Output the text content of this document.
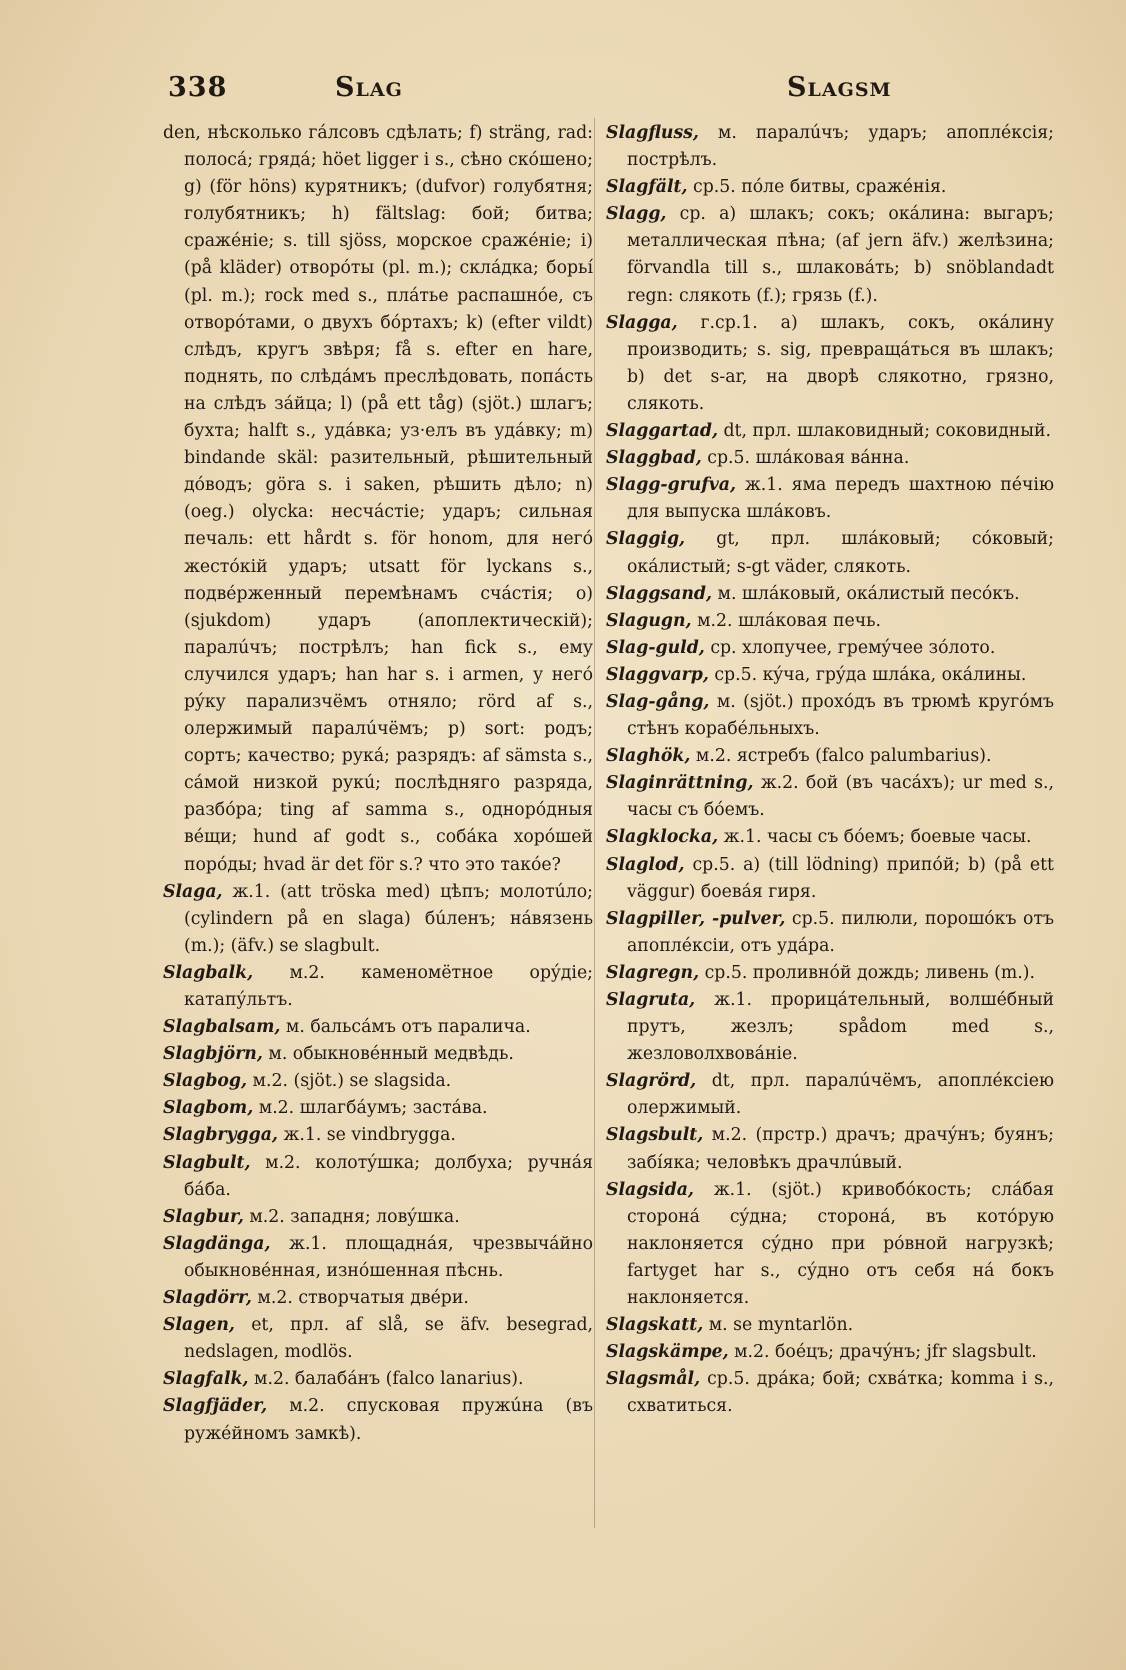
338	Slag	Slagsm

den, нѣсколько гáлсовъ сдѣлать; f) sträng, rad: полосá; грядá; höet ligger i s., сѣно скóшено; g) (för höns) курятникъ; (dufvor) голубятня; голубятникъ; h) fältslag: бой; битва; сражéніе; s. till sjöss, морское сражéніе; i) (på kläder) отворóты (pl. m.); склáдка; борьí (pl. m.); rock med s., плáтье распашнóе, съ отворóтами, о двухъ бóртахъ; k) (efter vildt) слѣдъ, кругъ звѣря; få s. efter en hare, поднять, по слѣдáмъ преслѣдовать, попáсть на слѣдъ зáйца; l) (på ett tåg) (sjöt.) шлагъ; бухта; halft s., удáвка; уз·елъ въ удáвку; m) bindande skäl: разительный, рѣшительный дóводъ; göra s. i saken, рѣшить дѣло; n) (oeg.) olycka: несчáстіе; ударъ; сильная печаль: ett hårdt s. för honom, для негó жестóкій ударъ; utsatt för lyckans s., подвéрженный перемѣнамъ счáстія; o) (sjukdom) ударъ (апоплектическій); паралúчъ; пострѣлъ; han fick s., ему случился ударъ; han har s. i armen, у негó рýку парализчёмъ отняло; rörd af s., олержимый паралúчёмъ; p) sort: родъ; сортъ; качество; рукá; разрядъ: af sämsta s., сáмой низкой рукú; послѣдняго разряда, разбóра; ting af samma s., однорóдныя вéщи; hund af godt s., собáка хорóшей порóды; hvad är det för s.? что это такóе?

Slaga, ж.1. (att tröska med) цѣпъ; молотúло; (cylindern på en slaga) бúленъ; нáвязень (m.); (äfv.) se slagbult.

Slagbalk, м.2. каменомётное орýдіе; катапýльтъ.

Slagbalsam, м. бальсáмъ отъ паралича.

Slagbjörn, м. обыкновéнный медвѣдь.

Slagbog, м.2. (sjöt.) se slagsida.

Slagbom, м.2. шлагбáумъ; застáва.

Slagbrygga, ж.1. se vindbrygga.

Slagbult, м.2. колотýшка; долбуха; ручнáя бáба.

Slagbur, м.2. западня; ловýшка.

Slagdänga, ж.1. площаднáя, чрезвычáйно обыкновéнная, изнóшенная пѣснь.

Slagdörr, м.2. створчатыя двéри.

Slagen, et, прл. af slå, se äfv. besegrad, nedslagen, modlös.

Slagfalk, м.2. балабáнъ (falco lanarius).

Slagfjäder, м.2. спусковая пружúна (въ ружéйномъ замкѣ).

Slagfluss, м. паралúчъ; ударъ; апоплéксія; пострѣлъ.

Slagfält, ср.5. пóле битвы, сражéнія.

Slagg, ср. a) шлакъ; сокъ; окáлина: выгаръ; металлическая пѣна; (af jern äfv.) желѣзина; förvandla till s., шлаковáть; b) snöblandadt regn: слякоть (f.); грязь (f.).

Slagga, г.ср.1. a) шлакъ, сокъ, окáлину производить; s. sig, превращáться въ шлакъ; b) det s-ar, на дворѣ слякотно, грязно, слякоть.

Slaggartad, dt, прл. шлаковидный; соковидный.

Slaggbad, ср.5. шлáковая вáнна.

Slagg-grufva, ж.1. яма передъ шахтною пéчію для выпуска шлáковъ.

Slaggig, gt, прл. шлáковый; сóковый; окáлистый; s-gt väder, слякоть.

Slaggsand, м. шлáковый, окáлистый песóкъ.

Slagugn, м.2. шлáковая печь.

Slag-guld, ср. хлопучее, гремýчее зóлото.

Slaggvarp, ср.5. кýча, грýда шлáка, окáлины.

Slag-gång, м. (sjöt.) прохóдъ въ трюмѣ кругóмъ стѣнъ корабéльныхъ.

Slaghök, м.2. ястребъ (falco palumbarius).

Slaginrättning, ж.2. бой (въ часáхъ); ur med s., часы съ бóемъ.

Slagklocka, ж.1. часы съ бóемъ; боевые часы.

Slaglod, ср.5. a) (till lödning) припóй; b) (på ett väggur) боевáя гиря.

Slagpiller, -pulver, ср.5. пилюли, порошóкъ отъ апоплéксіи, отъ удáра.

Slagregn, ср.5. проливнóй дождь; ливень (m.).

Slagruta, ж.1. прорицáтельный, волшéбный прутъ, жезлъ; spådom med s., жезловолхвовáніе.

Slagrörd, dt, прл. паралúчёмъ, апоплéксіею олержимый.

Slagsbult, м.2. (прстр.) драчъ; драчýнъ; буянъ; забíяка; человѣкъ драчлúвый.

Slagsida, ж.1. (sjöt.) кривобóкость; слáбая сторонá сýдна; сторонá, въ котóрую наклоняется сýдно при рóвной нагрузкѣ; fartyget har s., сýдно отъ себя нá бокъ наклоняется.

Slagskatt, м. se myntarlön.

Slagskämpe, м.2. боéцъ; драчýнъ; jfr slagsbult.

Slagsmål, ср.5. дрáка; бой; схвáтка; komma i s., схватиться.
